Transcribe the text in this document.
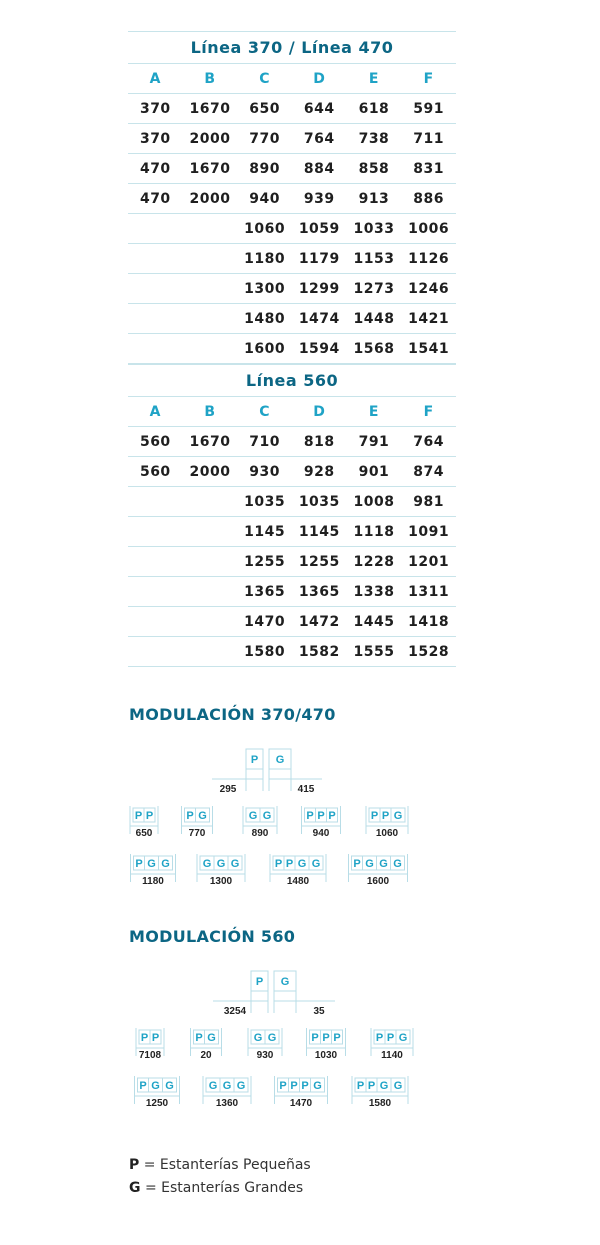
Línea 370 / Línea 470					
A	B	C	D	E	F
370	1670	650	644	618	591
370	2000	770	764	738	711
470	1670	890	884	858	831
470	2000	940	939	913	886
		1060	1059	1033	1006
		1180	1179	1153	1126
		1300	1299	1273	1246
		1480	1474	1448	1421
		1600	1594	1568	1541
Línea 560					
A	B	C	D	E	F
560	1670	710	818	791	764
560	2000	930	928	901	874
		1035	1035	1008	981
		1145	1145	1118	1091
		1255	1255	1228	1201
		1365	1365	1338	1311
		1470	1472	1445	1418
		1580	1582	1555	1528
MODULACIÓN 370/470
MODULACIÓN 560
P G
295	415
P P
650
P G
770
G G
890
P P P
940
P P G
1060
P G G
1180
G G G
1300
P P G G
1480
P G G G
1600
P G
3254	35
P P
7108
P G
20
G G
930
P P P
1030
P P G
1140
P G G
1250
G G G
1360
P P P G
1470
P P G G
1580

P = Estanterías Pequeñas

G = Estanterías Grandes
